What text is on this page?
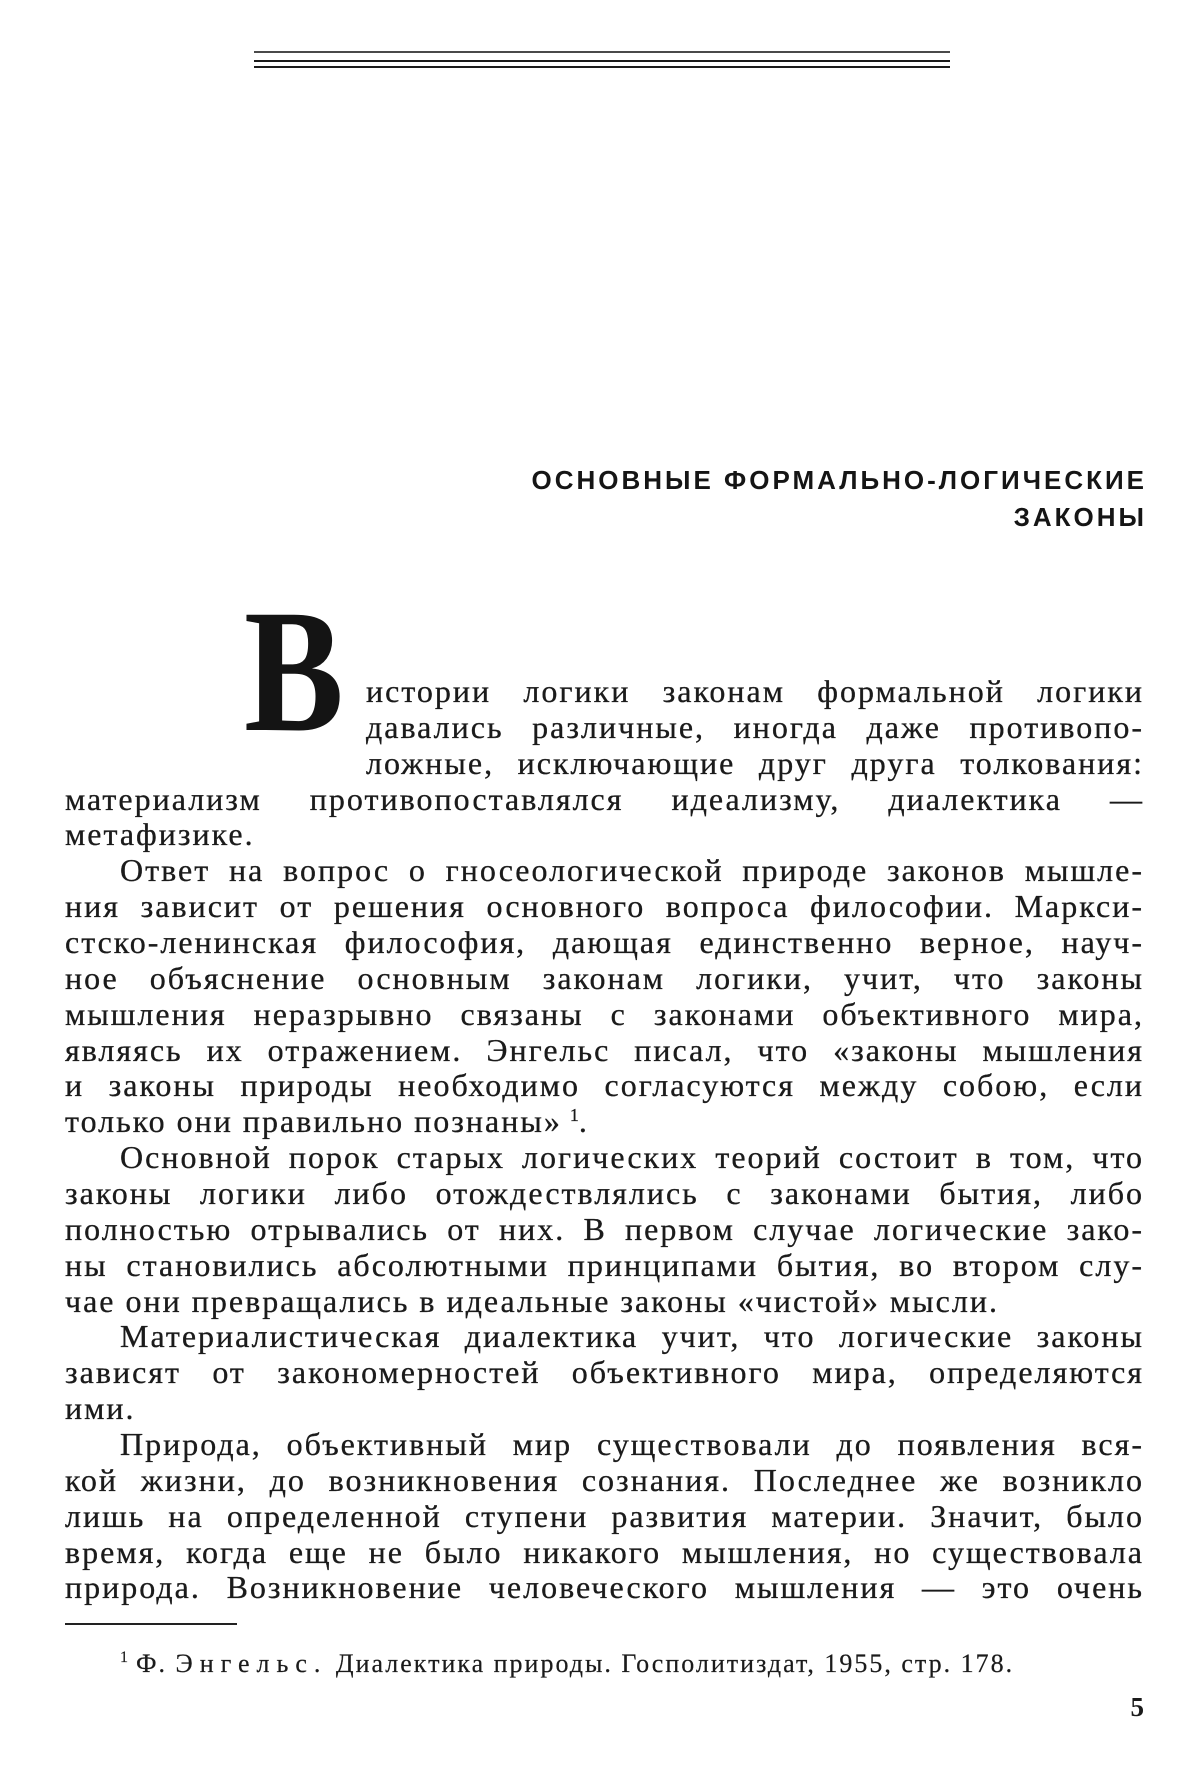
ОСНОВНЫЕ ФОРМАЛЬНО-ЛОГИЧЕСКИЕ
ЗАКОНЫ
В истории логики законам формальной логики
давались различные, иногда даже противопо-
ложные, исключающие друг друга толкования:
материализм противопоставлялся идеализму, диалектика —
метафизике.
Ответ на вопрос о гносеологической природе законов мышле-
ния зависит от решения основного вопроса философии. Маркси-
стско-ленинская философия, дающая единственно верное, науч-
ное объяснение основным законам логики, учит, что законы
мышления неразрывно связаны с законами объективного мира,
являясь их отражением. Энгельс писал, что «законы мышления
и законы природы необходимо согласуются между собою, если
только они правильно познаны» $^1$.
Основной порок старых логических теорий состоит в том, что
законы логики либо отождествлялись с законами бытия, либо
полностью отрывались от них. В первом случае логические зако-
ны становились абсолютными принципами бытия, во втором слу-
чае они превращались в идеальные законы «чистой» мысли.
Материалистическая диалектика учит, что логические законы
зависят от закономерностей объективного мира, определяются
ими.
Природа, объективный мир существовали до появления вся-
кой жизни, до возникновения сознания. Последнее же возникло
лишь на определенной ступени развития материи. Значит, было
время, когда еще не было никакого мышления, но существовала
природа. Возникновение человеческого мышления — это очень
$^1$ Ф. Энгельс. Диалектика природы. Госполитиздат, 1955, стр. 178.
5
